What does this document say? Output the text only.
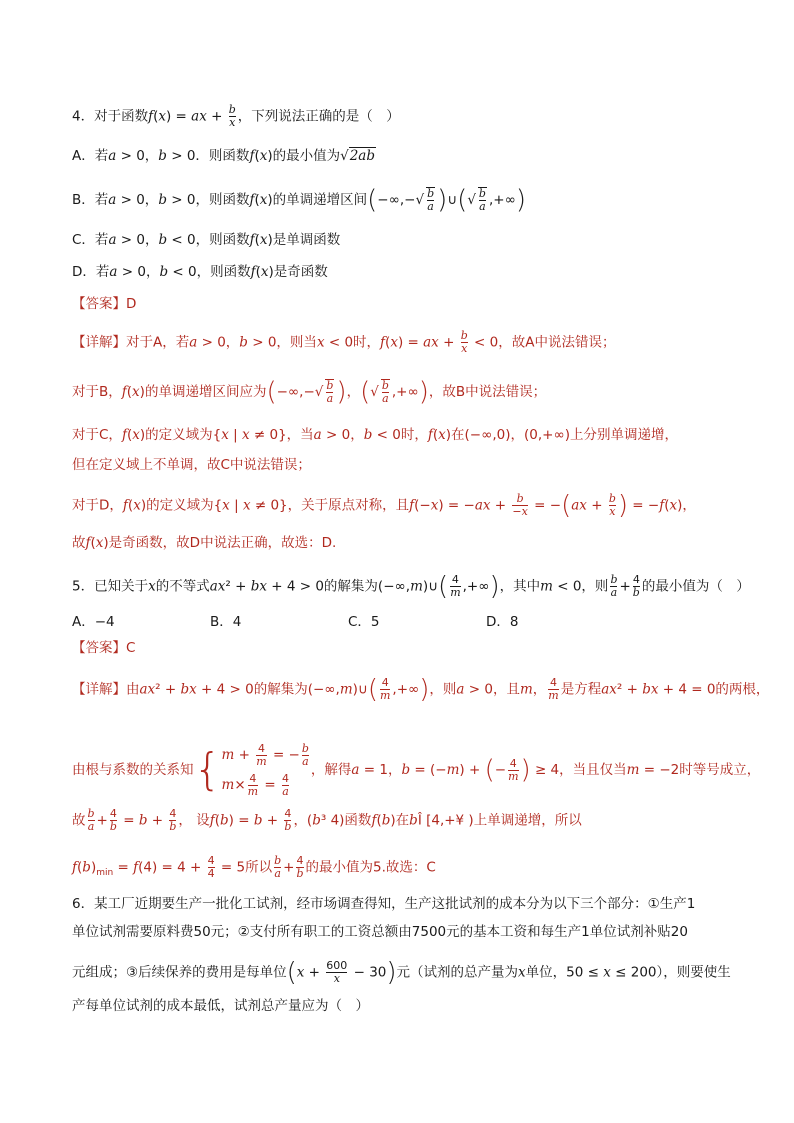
4．对于函数f(x) = ax + $\frac{b}{x}$ ，下列说法正确的是（　）
A．若a > 0，b > 0．则函数f(x)的最小值为√2ab
B．若a > 0，b > 0，则函数f(x)的单调递增区间(−∞,−√ $\frac{b}{a}$ )∪(√ $\frac{b}{a}$ ,+∞)
C．若a > 0，b < 0，则函数f(x)是单调函数
D．若a > 0，b < 0，则函数f(x)是奇函数
【答案】D
【详解】对于A，若a > 0，b > 0，则当x < 0时，f(x) = ax + $\frac{b}{x} < 0$，故A中说法错误；
对于B，f(x)的单调递增区间应为(−∞,−√ $\frac{b}{a}$ )，(√ $\frac{b}{a}$ ,+∞)，故B中说法错误；
对于C，f(x)的定义域为{x | x ≠ 0}，当a > 0，b < 0时，f(x)在(−∞,0)，(0,+∞)上分别单调递增，
但在定义域上不单调，故C中说法错误；
对于D，f(x)的定义域为{x | x ≠ 0}，关于原点对称，且$f(-x) = -ax + \frac{b}{-x} = -(ax + \frac{b}{x}$ ) = −f(x)，
故f(x)是奇函数，故D中说法正确，故选：D.
5．已知关于x的不等式ax² + bx + 4 > 0的解集为(−∞,m)∪( $\frac{4}{m}$ ,+∞)，其中m < 0，则 $\frac{b}{a} + \frac{4}{b}$ 的最小值为（　）
A．−4	B．4	C．5	D．8
【答案】C
【详解】由ax² + bx + 4 > 0的解集为(−∞,m)∪( $\frac{4}{m}$ ,+∞)，则a > 0，且m， $\frac{4}{m}$ 是方程ax² + bx + 4 = 0的两根，
由根与系数的关系知{ $m + \frac{4}{m}$ = − $\frac{b}{a}$
$m\times \frac{4}{m} = \frac{4}{a}$
，解得a = 1，b = (−m) + (− $\frac{4}{m}$ ) ≥ 4，当且仅当m = −2时等号成立，
故 $\frac{b}{a} + \frac{4}{b} = b + \frac{4}{b}$ ， 设$f(b) = b + \frac{4}{b}$ ，(b³ 4)函数f(b)在bÎ [4,+¥ )上单调递增，所以
$f(b)_{min} = f(4) = 4 + \frac{4}{4} = 5$所以 $\frac{b}{a} + \frac{4}{b}$ 的最小值为5.故选：C
6．某工厂近期要生产一批化工试剂，经市场调查得知，生产这批试剂的成本分为以下三个部分：①生产1
单位试剂需要原料费50元；②支付所有职工的工资总额由7500元的基本工资和每生产1单位试剂补贴20
元组成；③后续保养的费用是每单位$(x + \frac{600}{x} - 30)$元（试剂的总产量为x单位，50 ≤ x ≤ 200），则要使生
产每单位试剂的成本最低，试剂总产量应为（　）
